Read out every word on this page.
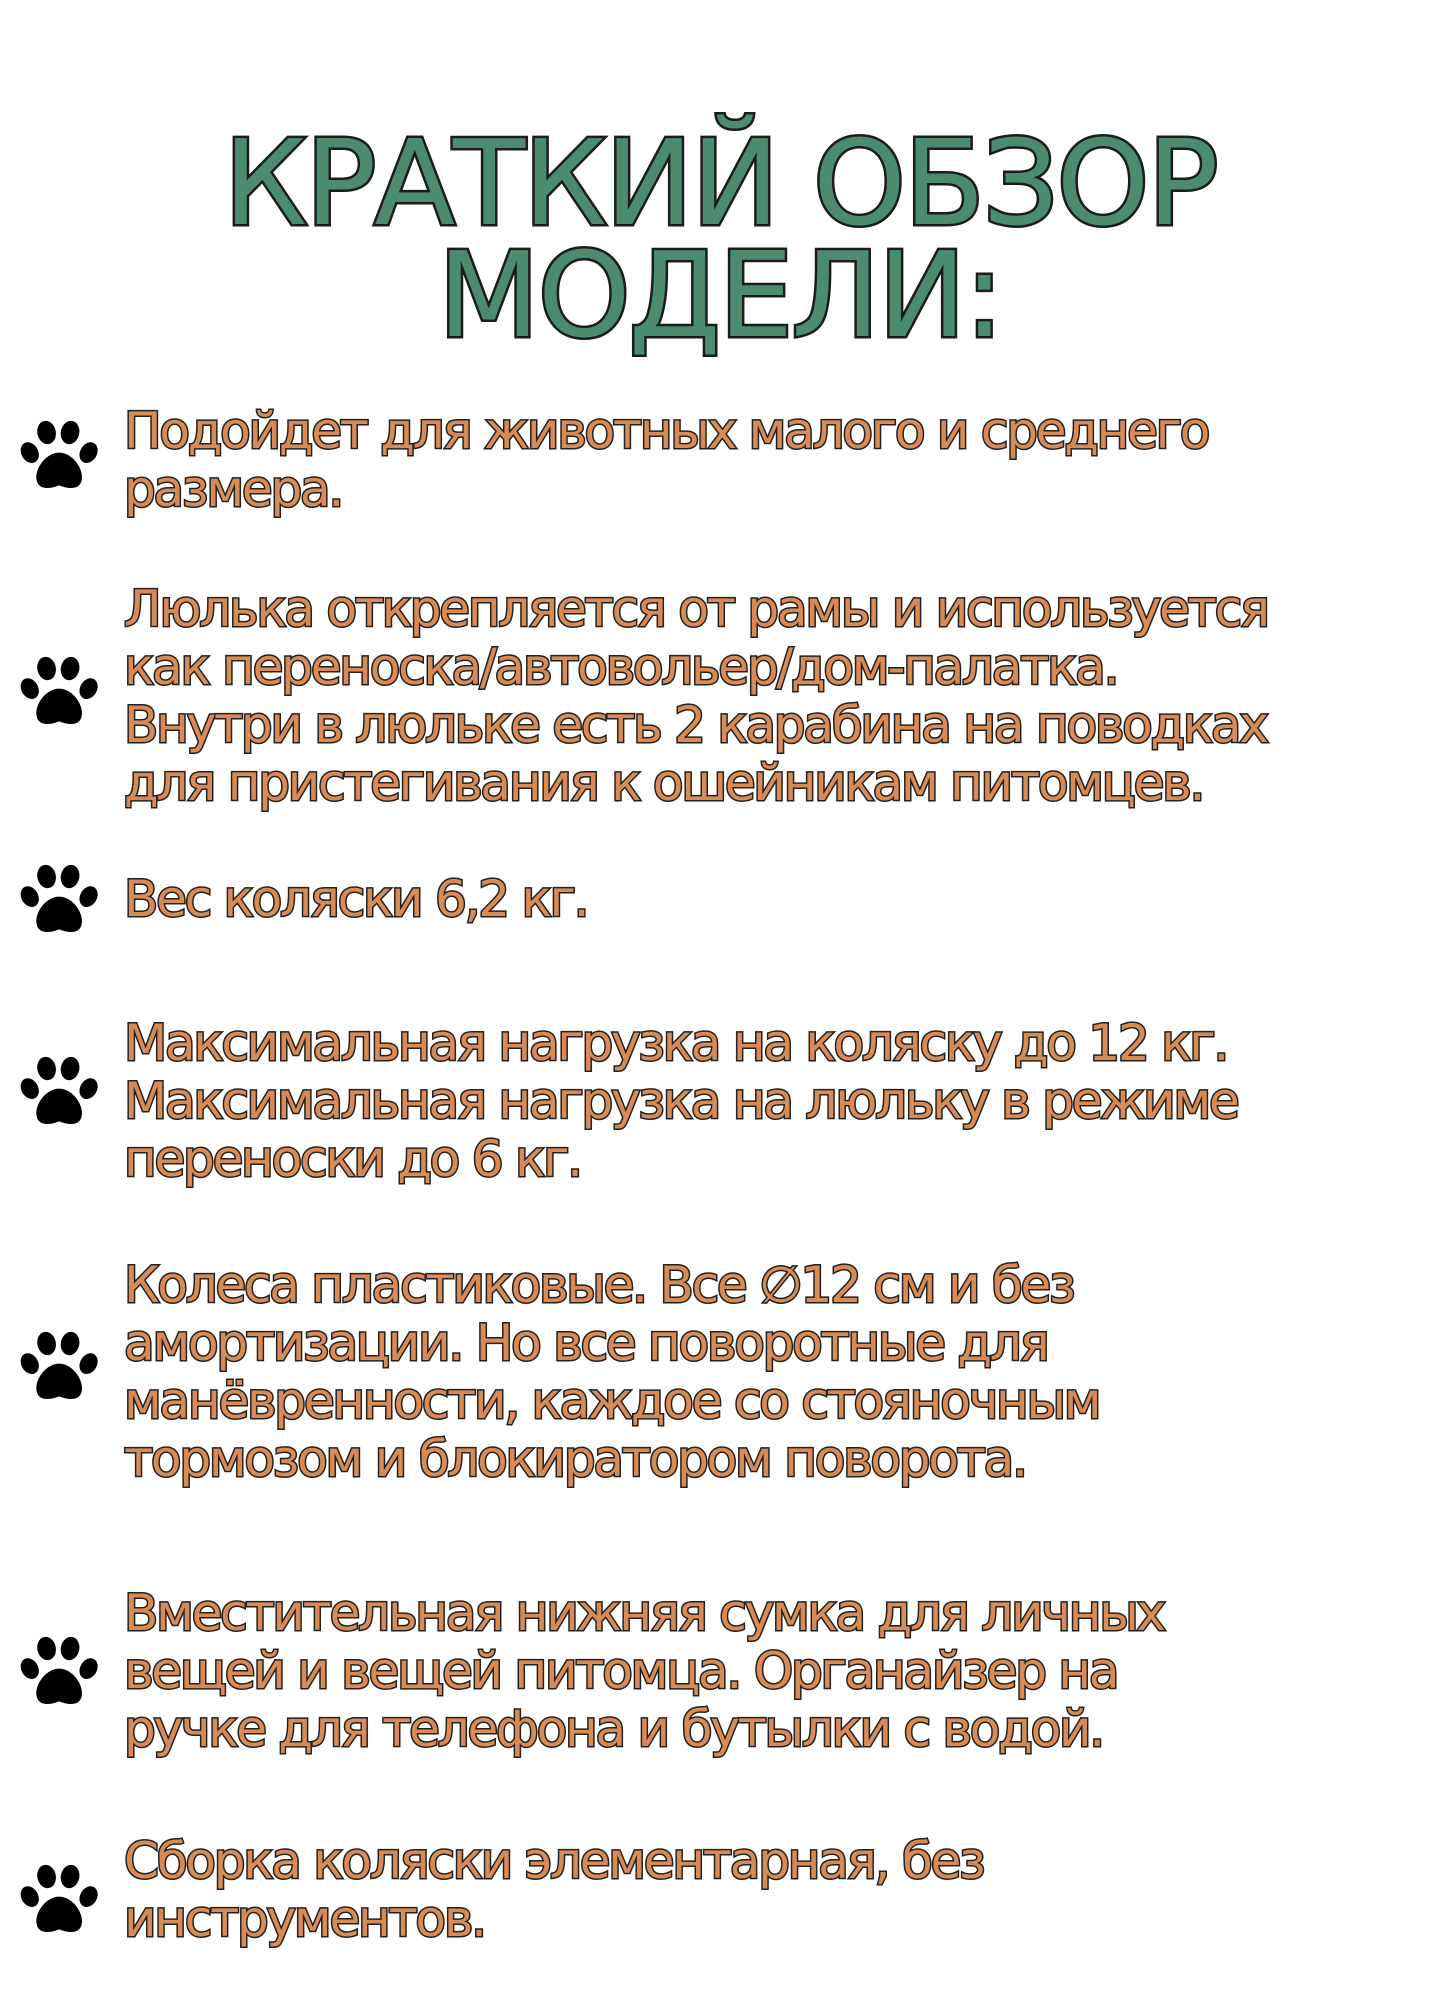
КРАТКИЙ ОБЗОР
МОДЕЛИ:
Подойдет для животных малого и среднего
размера.
Люлька открепляется от рамы и используется
как переноска/автовольер/дом-палатка.
Внутри в люльке есть 2 карабина на поводках
для пристегивания к ошейникам питомцев.
Вес коляски 6,2 кг.
Максимальная нагрузка на коляску до 12 кг.
Максимальная нагрузка на люльку в режиме
переноски до 6 кг.
Колеса пластиковые. Все ∅12 см и без
амортизации. Но все поворотные для
манёвренности, каждое со стояночным
тормозом и блокиратором поворота.
Вместительная нижняя сумка для личных
вещей и вещей питомца. Органайзер на
ручке для телефона и бутылки с водой.
Сборка коляски элементарная, без
инструментов.
